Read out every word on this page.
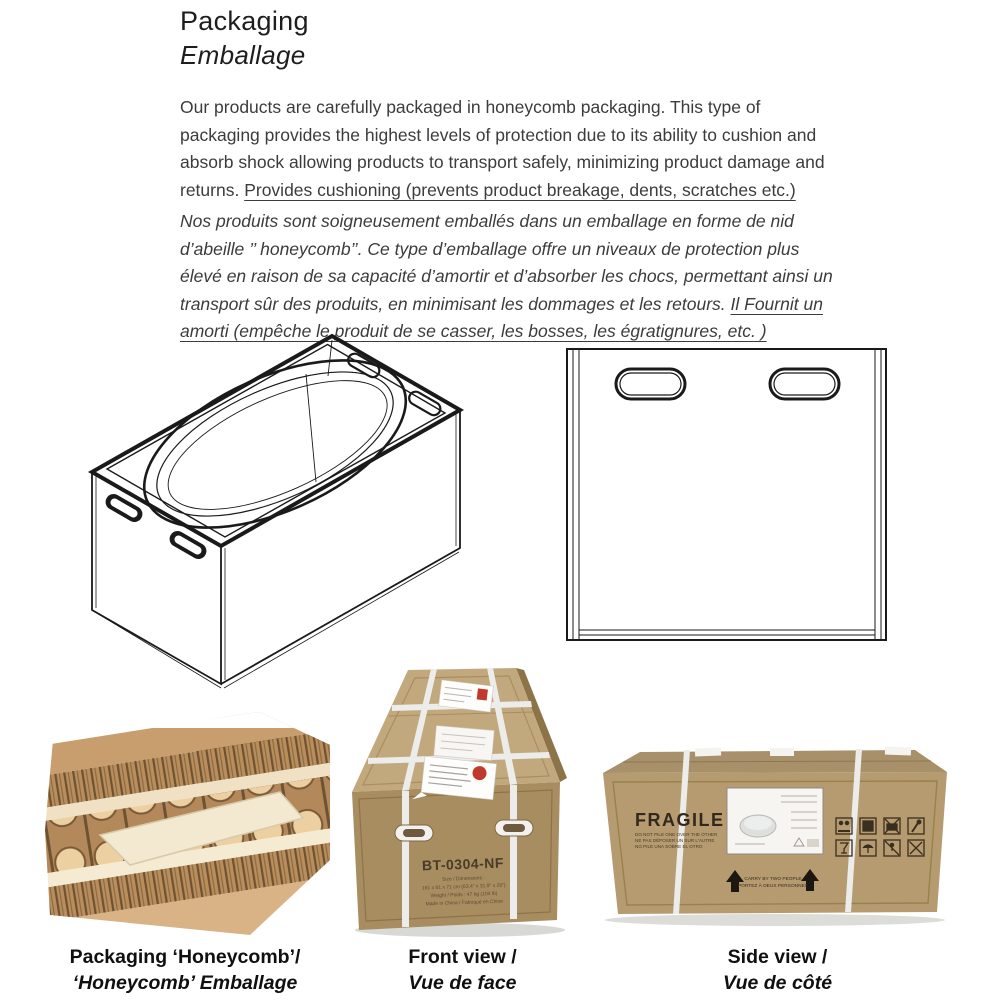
Packaging
Emballage
Our products are carefully packaged in honeycomb packaging. This type of packaging provides the highest levels of protection due to its ability to cushion and absorb shock allowing products to transport safely, minimizing product damage and returns. Provides cushioning (prevents product breakage, dents, scratches etc.)
Nos produits sont soigneusement emballés dans un emballage en forme de nid d’abeille ’’ honeycomb’’. Ce type d’emballage offre un niveaux de protection plus élevé en raison de sa capacité d’amortir et d’absorber les chocs, permettant ainsi un transport sûr des produits, en minimisant les dommages et les retours. Il Fournit un amorti (empêche le produit de se casser, les bosses, les égratignures, etc. )
BT-0304-NF
Size / Dimensions :
161 x 81 x 71 cm (63.4" x 31.9" x 28")
Weight / Poids : 47 kg (104 lb)
Made in China / Fabriqué en Chine
FRAGILE
DO NOT PILE ONE OVER THE OTHER
NE PAS DÉPOSER UN SUR L'AUTRE
NO PILE UNA SOBRE EL OTRO
CARRY BY TWO PEOPLE
PORTEZ À DEUX PERSONNES
Packaging ‘Honeycomb’/
‘Honeycomb’ Emballage
Front view /
Vue de face
Side view /
Vue de côté
